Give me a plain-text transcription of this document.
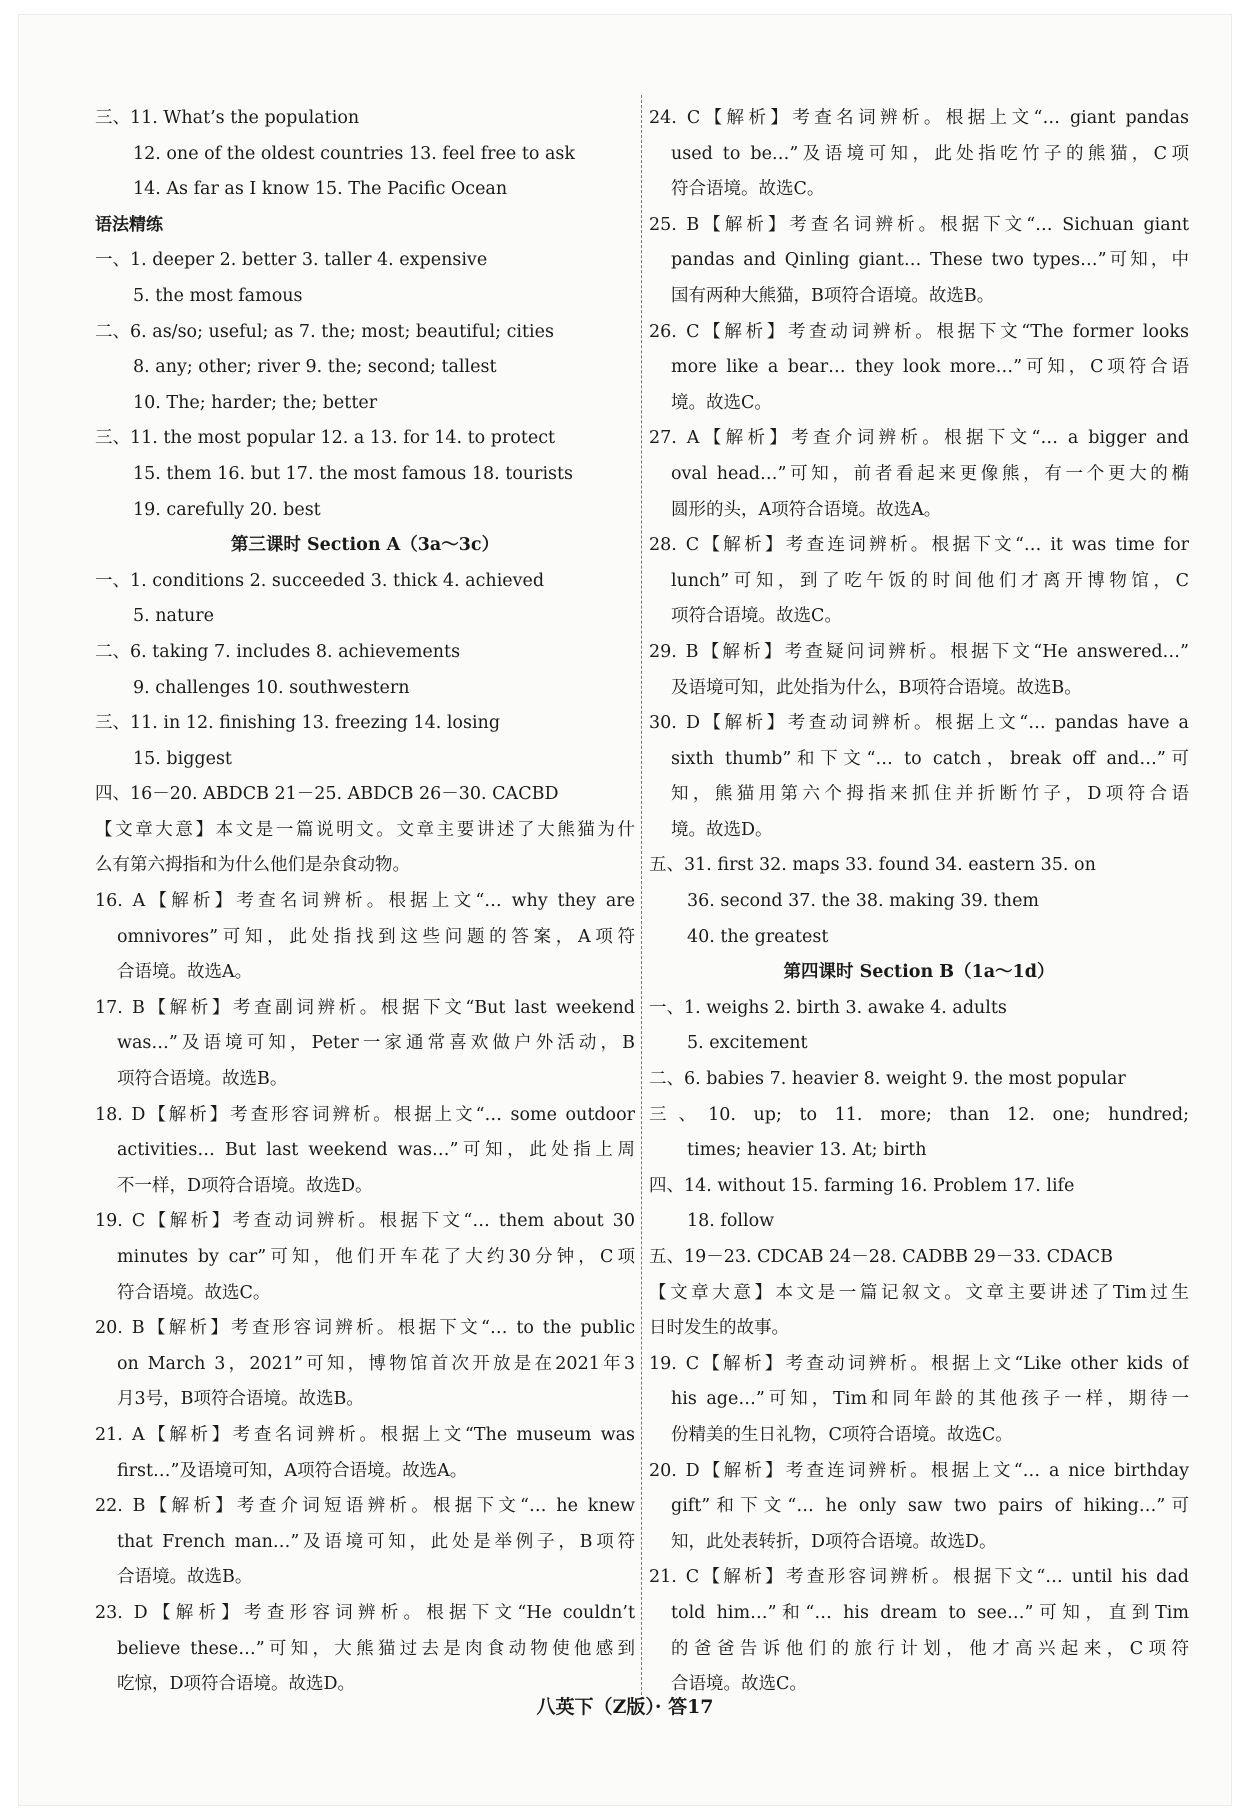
三、11. What’s the population
12. one of the oldest countries 13. feel free to ask
14. As far as I know 15. The Pacific Ocean
语法精练
一、1. deeper 2. better 3. taller 4. expensive
5. the most famous
二、6. as/so; useful; as 7. the; most; beautiful; cities
8. any; other; river 9. the; second; tallest
10. The; harder; the; better
三、11. the most popular 12. a 13. for 14. to protect
15. them 16. but 17. the most famous 18. tourists
19. carefully 20. best
第三课时 Section A（3a～3c）
一、1. conditions 2. succeeded 3. thick 4. achieved
5. nature
二、6. taking 7. includes 8. achievements
9. challenges 10. southwestern
三、11. in 12. finishing 13. freezing 14. losing
15. biggest
四、16－20. ABDCB 21－25. ABDCB 26－30. CACBD
【文章大意】本文是一篇说明文。文章主要讲述了大熊猫为什
么有第六拇指和为什么他们是杂食动物。
16. A【解析】考查名词辨析。根据上文“… why they are
omnivores”可知，此处指找到这些问题的答案，A项符
合语境。故选A。
17. B【解析】考查副词辨析。根据下文“But last weekend
was…”及语境可知，Peter一家通常喜欢做户外活动，B
项符合语境。故选B。
18. D【解析】考查形容词辨析。根据上文“… some outdoor
activities… But last weekend was…”可知，此处指上周
不一样，D项符合语境。故选D。
19. C【解析】考查动词辨析。根据下文“… them about 30
minutes by car”可知，他们开车花了大约30分钟，C项
符合语境。故选C。
20. B【解析】考查形容词辨析。根据下文“… to the public
on March 3，2021”可知，博物馆首次开放是在2021年3
月3号，B项符合语境。故选B。
21. A【解析】考查名词辨析。根据上文“The museum was
first…”及语境可知，A项符合语境。故选A。
22. B【解析】考查介词短语辨析。根据下文“… he knew
that French man…”及语境可知，此处是举例子，B项符
合语境。故选B。
23. D【解析】考查形容词辨析。根据下文“He couldn’t
believe these…”可知，大熊猫过去是肉食动物使他感到
吃惊，D项符合语境。故选D。
24. C【解析】考查名词辨析。根据上文“… giant pandas
used to be…”及语境可知，此处指吃竹子的熊猫，C项
符合语境。故选C。
25. B【解析】考查名词辨析。根据下文“… Sichuan giant
pandas and Qinling giant… These two types…”可知，中
国有两种大熊猫，B项符合语境。故选B。
26. C【解析】考查动词辨析。根据下文“The former looks
more like a bear… they look more…”可知，C项符合语
境。故选C。
27. A【解析】考查介词辨析。根据下文“… a bigger and
oval head…”可知，前者看起来更像熊，有一个更大的椭
圆形的头，A项符合语境。故选A。
28. C【解析】考查连词辨析。根据下文“… it was time for
lunch”可知，到了吃午饭的时间他们才离开博物馆，C
项符合语境。故选C。
29. B【解析】考查疑问词辨析。根据下文“He answered…”
及语境可知，此处指为什么，B项符合语境。故选B。
30. D【解析】考查动词辨析。根据上文“… pandas have a
sixth thumb”和下文“… to catch，break off and…”可
知，熊猫用第六个拇指来抓住并折断竹子，D项符合语
境。故选D。
五、31. first 32. maps 33. found 34. eastern 35. on
36. second 37. the 38. making 39. them
40. the greatest
第四课时 Section B（1a～1d）
一、1. weighs 2. birth 3. awake 4. adults
5. excitement
二、6. babies 7. heavier 8. weight 9. the most popular
三、10. up; to 11. more; than 12. one; hundred;
times; heavier 13. At; birth
四、14. without 15. farming 16. Problem 17. life
18. follow
五、19－23. CDCAB 24－28. CADBB 29－33. CDACB
【文章大意】本文是一篇记叙文。文章主要讲述了Tim过生
日时发生的故事。
19. C【解析】考查动词辨析。根据上文“Like other kids of
his age…”可知，Tim和同年龄的其他孩子一样，期待一
份精美的生日礼物，C项符合语境。故选C。
20. D【解析】考查连词辨析。根据上文“… a nice birthday
gift”和下文“… he only saw two pairs of hiking…”可
知，此处表转折，D项符合语境。故选D。
21. C【解析】考查形容词辨析。根据下文“… until his dad
told him…”和“… his dream to see…”可知，直到Tim
的爸爸告诉他们的旅行计划，他才高兴起来，C项符
合语境。故选C。
八英下（Z版）· 答17
